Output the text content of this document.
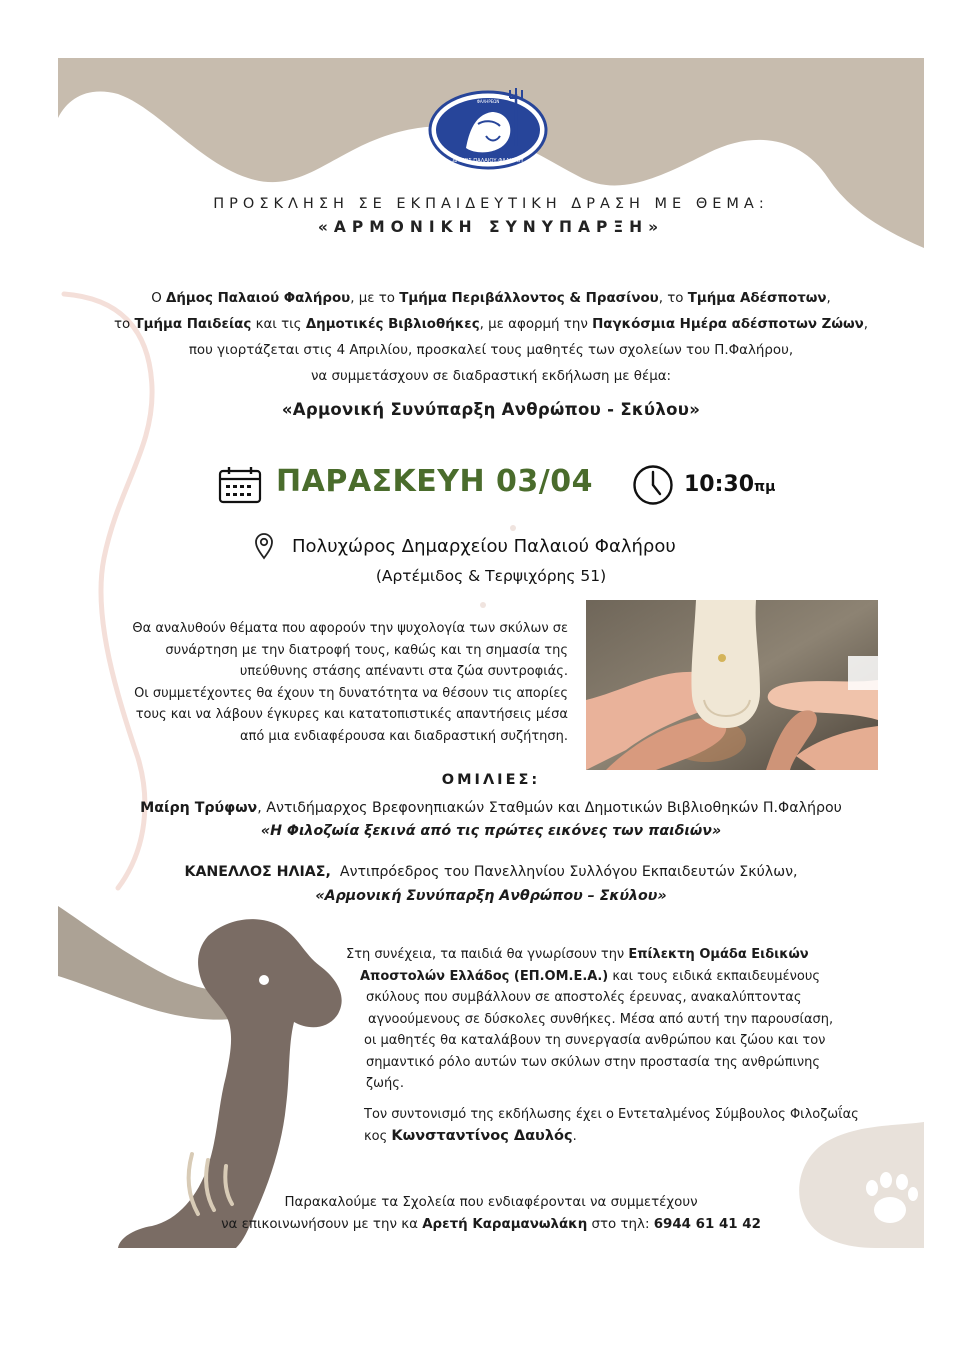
ΔΗΜΟΣ ΠΑΛΑΙΟΥ ΦΑΛΗΡΟΥ
ΦΑΛΗΡΕΩΝ
ΠΡΟΣΚΛΗΣΗ ΣΕ ΕΚΠΑΙΔΕΥΤΙΚΗ ΔΡΑΣΗ ΜΕ ΘΕΜΑ:
«ΑΡΜΟΝΙΚΗ ΣΥΝΥΠΑΡΞΗ»

Ο Δήμος Παλαιού Φαλήρου, με το Τμήμα Περιβάλλοντος & Πρασίνου, το Τμήμα Αδέσποτων,

το Τμήμα Παιδείας και τις Δημοτικές Βιβλιοθήκες, με αφορμή την Παγκόσμια Ημέρα αδέσποτων Ζώων,

που γιορτάζεται στις 4 Απριλίου, προσκαλεί τους μαθητές των σχολείων του Π.Φαλήρου,

να συμμετάσχουν σε διαδραστική εκδήλωση με θέμα:

«Αρμονική Συνύπαρξη Ανθρώπου - Σκύλου»
ΠΑΡΑΣΚΕΥΗ 03/04	10:30πμ
Πολυχώρος Δημαρχείου Παλαιού Φαλήρου
(Αρτέμιδος & Τερψιχόρης 51)

Θα αναλυθούν θέματα που αφορούν την ψυχολογία των σκύλων σε

συνάρτηση με την διατροφή τους, καθώς και τη σημασία της

υπεύθυνης στάσης απέναντι στα ζώα συντροφιάς.

Οι συμμετέχοντες θα έχουν τη δυνατότητα να θέσουν τις απορίες

τους και να λάβουν έγκυρες και κατατοπιστικές απαντήσεις μέσα

από μια ενδιαφέρουσα και διαδραστική συζήτηση.

ΟΜΙΛΙΕΣ:
Μαίρη Τρύφων, Αντιδήμαρχος Βρεφονηπιακών Σταθμών και Δημοτικών Βιβλιοθηκών Π.Φαλήρου
«Η Φιλοζωία ξεκινά από τις πρώτες εικόνες των παιδιών»
ΚΑΝΕΛΛΟΣ ΗΛΙΑΣ,  Αντιπρόεδρος του Πανελληνίου Συλλόγου Εκπαιδευτών Σκύλων,
«Αρμονική Συνύπαρξη Ανθρώπου – Σκύλου»

Στη συνέχεια, τα παιδιά θα γνωρίσουν την Επίλεκτη Ομάδα Ειδικών

Αποστολών Ελλάδος (ΕΠ.ΟΜ.Ε.Α.) και τους ειδικά εκπαιδευμένους

σκύλους που συμβάλλουν σε αποστολές έρευνας, ανακαλύπτοντας

αγνοούμενους σε δύσκολες συνθήκες. Μέσα από αυτή την παρουσίαση,

οι μαθητές θα καταλάβουν τη συνεργασία ανθρώπου και ζώου και τον

σημαντικό ρόλο αυτών των σκύλων στην προστασία της ανθρώπινης ζωής.

Τον συντονισμό της εκδήλωσης έχει ο Εντεταλμένος Σύμβουλος Φιλοζωΐας

κος Κωνσταντίνος Δαυλός.

Παρακαλούμε τα Σχολεία που ενδιαφέρονται να συμμετέχουν

να επικοινωνήσουν με την κα Αρετή Καραμανωλάκη στο τηλ: 6944 61 41 42
